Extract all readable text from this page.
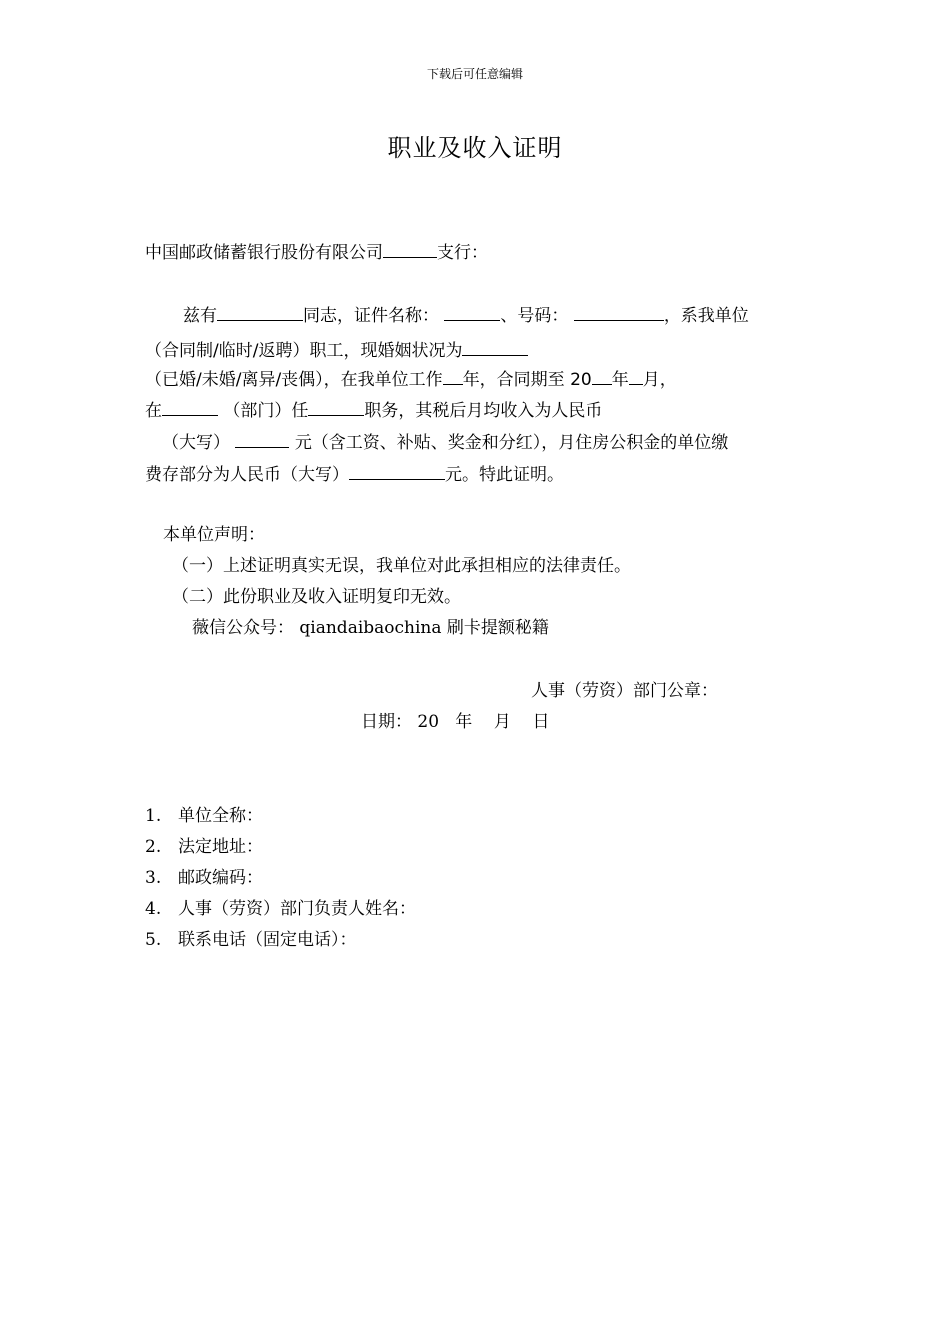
下载后可任意编辑
职业及收入证明
中国邮政储蓄银行股份有限公司	支行：
兹有	同志，证件名称：	、号码：	，系我单位
（合同制/临时/返聘）职工，现婚姻状况为
（已婚/未婚/离异/丧偶），在我单位工作 年，合同期至 20 年 月，
在	（部门）任	职务，其税后月均收入为人民币
（大写）	元（含工资、补贴、奖金和分红），月住房公积金的单位缴
费存部分为人民币（大写）	元。特此证明。
本单位声明：
（一）上述证明真实无误，我单位对此承担相应的法律责任。
（二）此份职业及收入证明复印无效。
薇信公众号： qiandaibaochina 刷卡提额秘籍
人事（劳资）部门公章：
日期： 20 年 月 日
1. 单位全称：
2. 法定地址：
3. 邮政编码：
4. 人事（劳资）部门负责人姓名：
5. 联系电话（固定电话）：
